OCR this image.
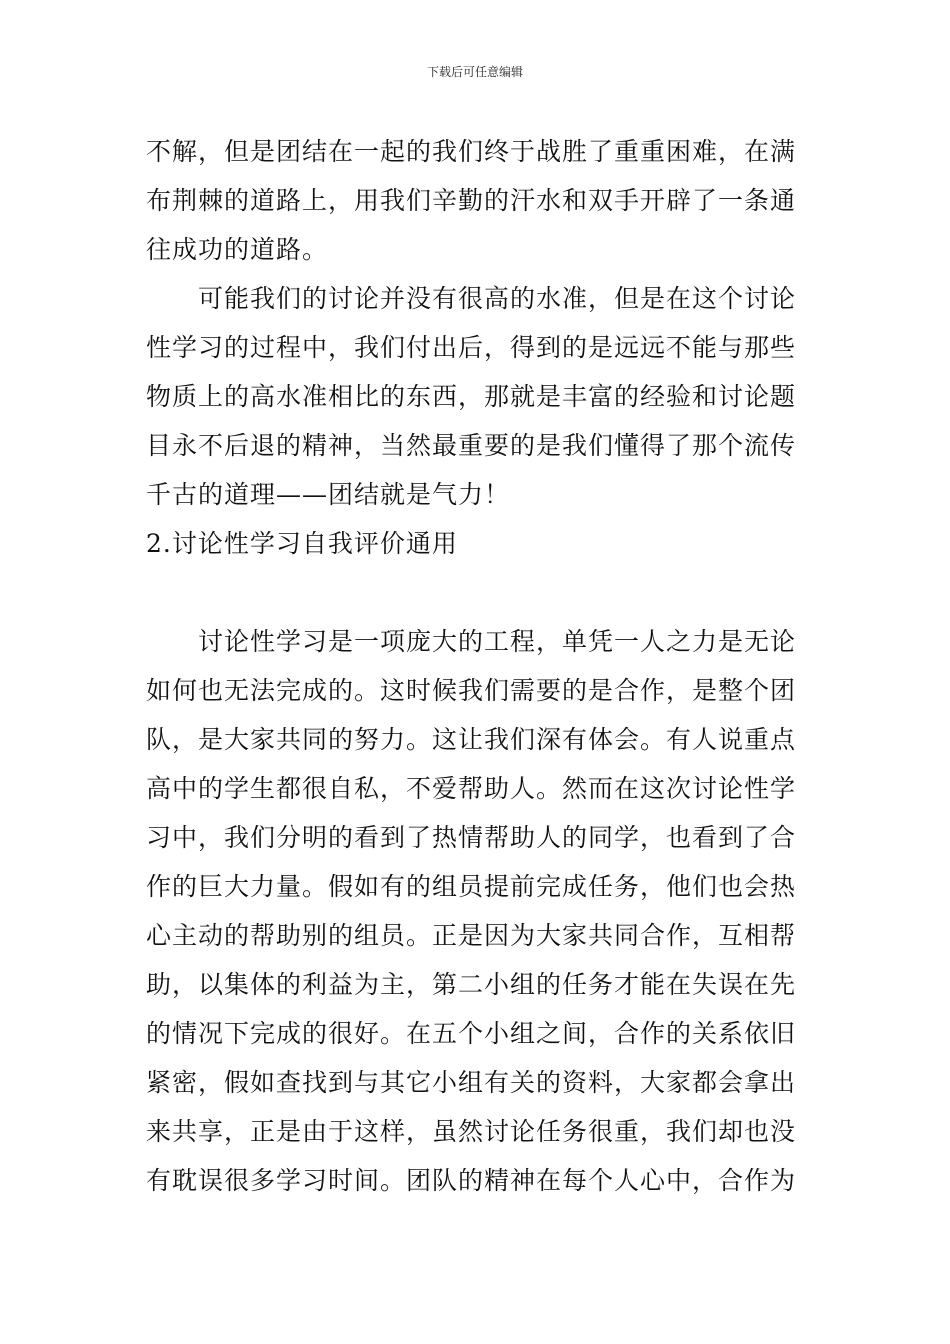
下载后可任意编辑
不解，但是团结在一起的我们终于战胜了重重困难，在满
布荆棘的道路上，用我们辛勤的汗水和双手开辟了一条通
往成功的道路。
可能我们的讨论并没有很高的水准，但是在这个讨论
性学习的过程中，我们付出后，得到的是远远不能与那些
物质上的高水准相比的东西，那就是丰富的经验和讨论题
目永不后退的精神，当然最重要的是我们懂得了那个流传
千古的道理——团结就是气力！
2.讨论性学习自我评价通用
讨论性学习是一项庞大的工程，单凭一人之力是无论
如何也无法完成的。这时候我们需要的是合作，是整个团
队，是大家共同的努力。这让我们深有体会。有人说重点
高中的学生都很自私，不爱帮助人。然而在这次讨论性学
习中，我们分明的看到了热情帮助人的同学，也看到了合
作的巨大力量。假如有的组员提前完成任务，他们也会热
心主动的帮助别的组员。正是因为大家共同合作，互相帮
助，以集体的利益为主，第二小组的任务才能在失误在先
的情况下完成的很好。在五个小组之间，合作的关系依旧
紧密，假如查找到与其它小组有关的资料，大家都会拿出
来共享，正是由于这样，虽然讨论任务很重，我们却也没
有耽误很多学习时间。团队的精神在每个人心中，合作为
